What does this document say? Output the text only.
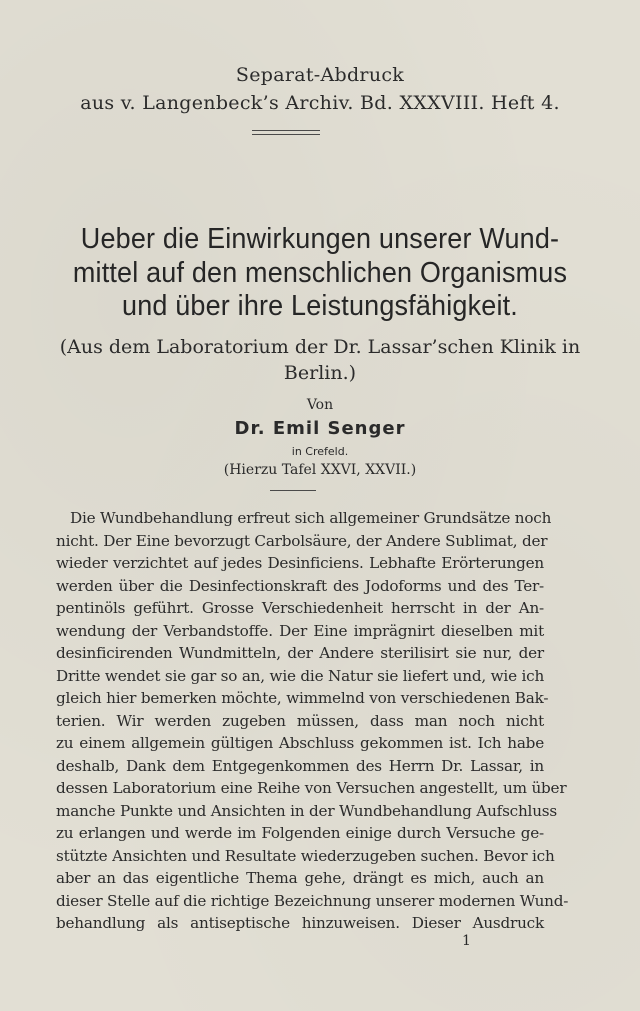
Separat-Abdruck
aus v. Langenbeck’s Archiv. Bd. XXXVIII. Heft 4.
Ueber die Einwirkungen unserer Wund-
mittel auf den menschlichen Organismus
und über ihre Leistungsfähigkeit.
(Aus dem Laboratorium der Dr. Lassar’schen Klinik in
Berlin.)
Von
Dr. Emil Senger
in Crefeld.
(Hierzu Tafel XXVI, XXVII.)
Die Wundbehandlung erfreut sich allgemeiner Grundsätze noch
nicht. Der Eine bevorzugt Carbolsäure, der Andere Sublimat, der
wieder verzichtet auf jedes Desinficiens. Lebhafte Erörterungen
werden über die Desinfectionskraft des Jodoforms und des Ter-
pentinöls geführt. Grosse Verschiedenheit herrscht in der An-
wendung der Verbandstoffe. Der Eine imprägnirt dieselben mit
desinficirenden Wundmitteln, der Andere sterilisirt sie nur, der
Dritte wendet sie gar so an, wie die Natur sie liefert und, wie ich
gleich hier bemerken möchte, wimmelnd von verschiedenen Bak-
terien. Wir werden zugeben müssen, dass man noch nicht
zu einem allgemein gültigen Abschluss gekommen ist. Ich habe
deshalb, Dank dem Entgegenkommen des Herrn Dr. Lassar, in
dessen Laboratorium eine Reihe von Versuchen angestellt, um über
manche Punkte und Ansichten in der Wundbehandlung Aufschluss
zu erlangen und werde im Folgenden einige durch Versuche ge-
stützte Ansichten und Resultate wiederzugeben suchen. Bevor ich
aber an das eigentliche Thema gehe, drängt es mich, auch an
dieser Stelle auf die richtige Bezeichnung unserer modernen Wund-
behandlung als antiseptische hinzuweisen. Dieser Ausdruck
1
